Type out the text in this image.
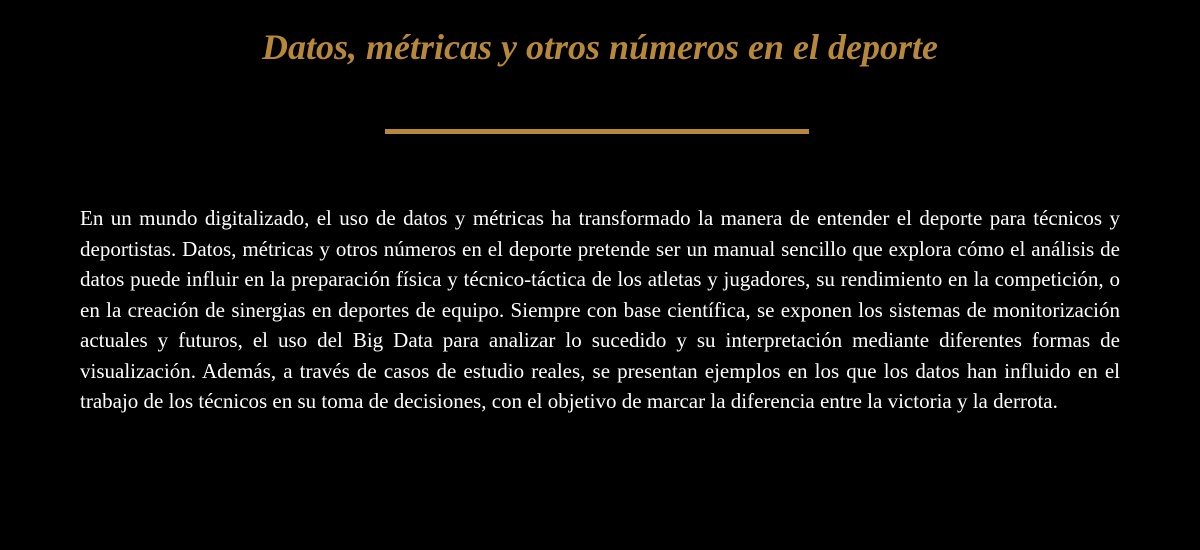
Datos, métricas y otros números en el deporte

En un mundo digitalizado, el uso de datos y métricas ha transformado la manera de entender el deporte para técnicos y deportistas. Datos, métricas y otros números en el deporte pretende ser un manual sencillo que explora cómo el análisis de datos puede influir en la preparación física y técnico-táctica de los atletas y jugadores, su rendimiento en la competición, o en la creación de sinergias en deportes de equipo. Siempre con base científica, se exponen los sistemas de monitorización actuales y futuros, el uso del Big Data para analizar lo sucedido y su interpretación mediante diferentes formas de visualización. Además, a través de casos de estudio reales, se presentan ejemplos en los que los datos han influido en el trabajo de los técnicos en su toma de decisiones, con el objetivo de marcar la diferencia entre la victoria y la derrota.
